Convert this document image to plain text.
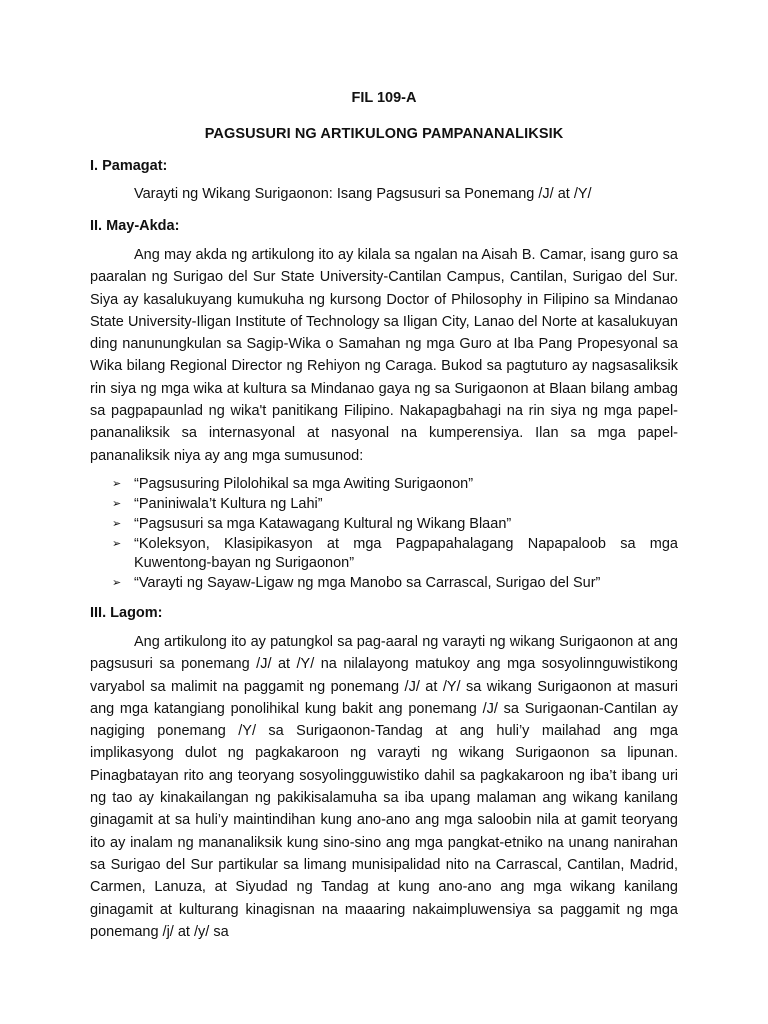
FIL 109-A
PAGSUSURI NG ARTIKULONG PAMPANANALIKSIK
I. Pamagat:
Varayti ng Wikang Surigaonon: Isang Pagsusuri sa Ponemang /J/ at /Y/
II. May-Akda:

Ang may akda ng artikulong ito ay kilala sa ngalan na Aisah B. Camar, isang guro sa paaralan ng Surigao del Sur State University-Cantilan Campus, Cantilan, Surigao del Sur. Siya ay kasalukuyang kumukuha ng kursong Doctor of Philosophy in Filipino sa Mindanao State University-Iligan Institute of Technology sa Iligan City, Lanao del Norte at kasalukuyan ding nanunungkulan sa Sagip-Wika o Samahan ng mga Guro at Iba Pang Propesyonal sa Wika bilang Regional Director ng Rehiyon ng Caraga. Bukod sa pagtuturo ay nagsasaliksik rin siya ng mga wika at kultura sa Mindanao gaya ng sa Surigaonon at Blaan bilang ambag sa pagpapaunlad ng wika't panitikang Filipino. Nakapagbahagi na rin siya ng mga papel-pananaliksik sa internasyonal at nasyonal na kumperensiya. Ilan sa mga papel-pananaliksik niya ay ang mga sumusunod:

➢ “Pagsusuring Pilolohikal sa mga Awiting Surigaonon”
➢ “Paniniwala’t Kultura ng Lahi”
➢ “Pagsusuri sa mga Katawagang Kultural ng Wikang Blaan”
➢ “Koleksyon, Klasipikasyon at mga Pagpapahalagang Napapaloob sa mga Kuwentong-bayan ng Surigaonon”
➢ “Varayti ng Sayaw-Ligaw ng mga Manobo sa Carrascal, Surigao del Sur”
III. Lagom:

Ang artikulong ito ay patungkol sa pag-aaral ng varayti ng wikang Surigaonon at ang pagsusuri sa ponemang /J/ at /Y/ na nilalayong matukoy ang mga sosyolinnguwistikong varyabol sa malimit na paggamit ng ponemang /J/ at /Y/ sa wikang Surigaonon at masuri ang mga katangiang ponolihikal kung bakit ang ponemang /J/ sa Surigaonan-Cantilan ay nagiging ponemang /Y/ sa Surigaonon-Tandag at ang huli’y mailahad ang mga implikasyong dulot ng pagkakaroon ng varayti ng wikang Surigaonon sa lipunan. Pinagbatayan rito ang teoryang sosyolingguwistiko dahil sa pagkakaroon ng iba’t ibang uri ng tao ay kinakailangan ng pakikisalamuha sa iba upang malaman ang wikang kanilang ginagamit at sa huli’y maintindihan kung ano-ano ang mga saloobin nila at gamit teoryang ito ay inalam ng mananaliksik kung sino-sino ang mga pangkat-etniko na unang nanirahan sa Surigao del Sur partikular sa limang munisipalidad nito na Carrascal, Cantilan, Madrid, Carmen, Lanuza, at Siyudad ng Tandag at kung ano-ano ang mga wikang kanilang ginagamit at kulturang kinagisnan na maaaring nakaimpluwensiya sa paggamit ng mga ponemang /j/ at /y/ sa
